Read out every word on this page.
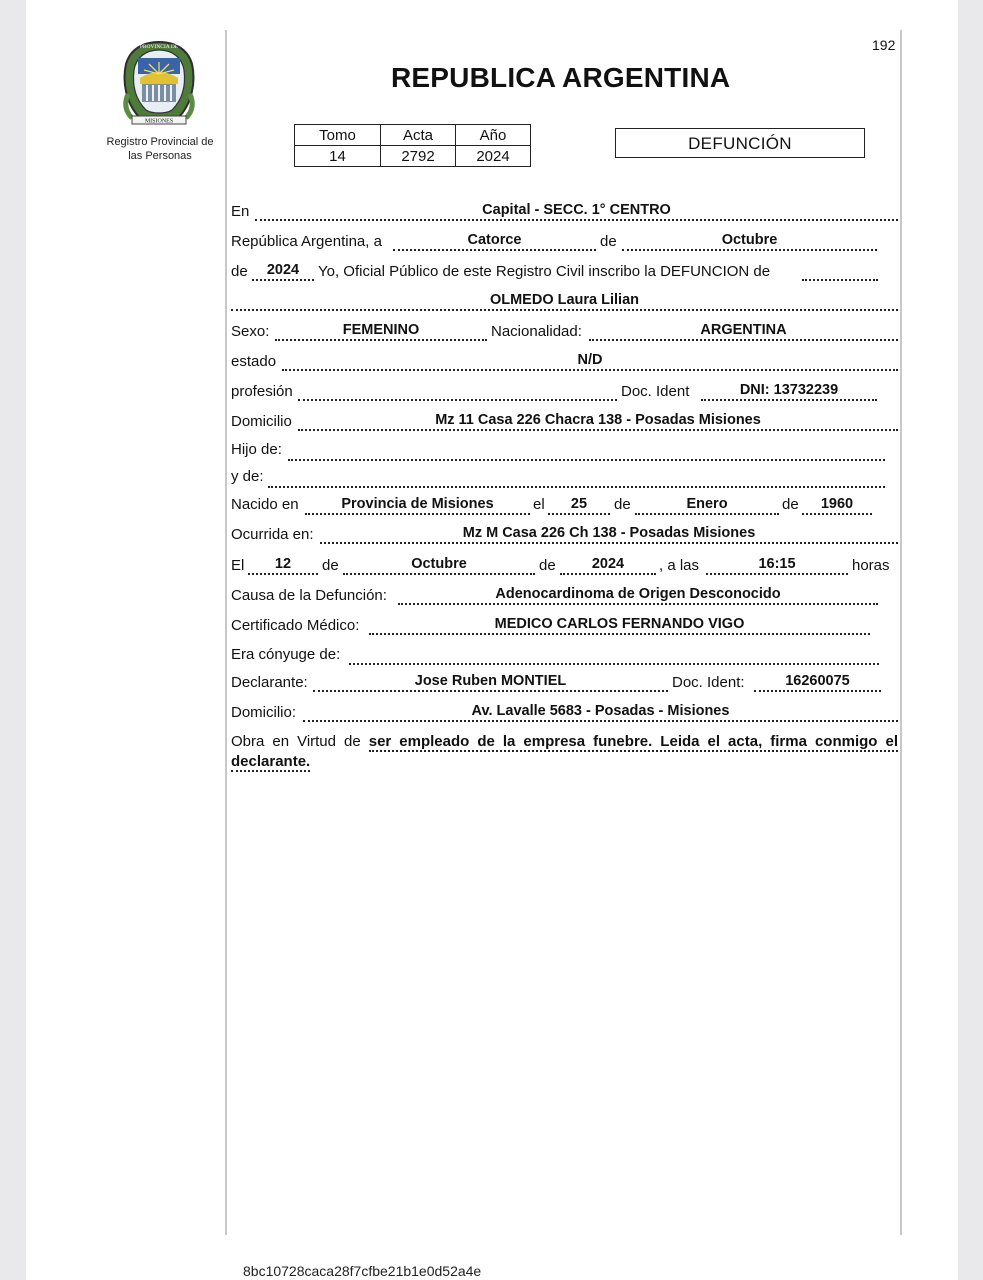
MISIONES
PROVINCIA DE
Registro Provincial de
las Personas
192
REPUBLICA ARGENTINA
Tomo	Acta	Año
14	2792	2024
DEFUNCIÓN
En	Capital - SECC. 1° CENTRO
República Argentina, a	Catorce	de	Octubre
de	2024	Yo, Oficial Público de este Registro Civil inscribo la DEFUNCION de
OLMEDO Laura Lilian
Sexo:	FEMENINO	Nacionalidad:	ARGENTINA
estado	N/D
profesión	Doc. Ident	DNI: 13732239
Domicilio	Mz 11 Casa 226 Chacra 138 - Posadas Misiones
Hijo de:
y de:
Nacido en	Provincia de Misiones	el	25	de	Enero	de	1960
Ocurrida en:	Mz M Casa 226 Ch 138 - Posadas Misiones
El	12	de	Octubre	de	2024	, a las	16:15	horas
Causa de la Defunción:	Adenocardinoma de Origen Desconocido
Certificado Médico:	MEDICO CARLOS FERNANDO VIGO
Era cónyuge de:
Declarante:	Jose Ruben MONTIEL	Doc. Ident:	16260075
Domicilio:	Av. Lavalle 5683 - Posadas - Misiones
Obra en Virtud de ser empleado de la empresa funebre. Leida el acta, firma conmigo el declarante.
8bc10728caca28f7cfbe21b1e0d52a4e
